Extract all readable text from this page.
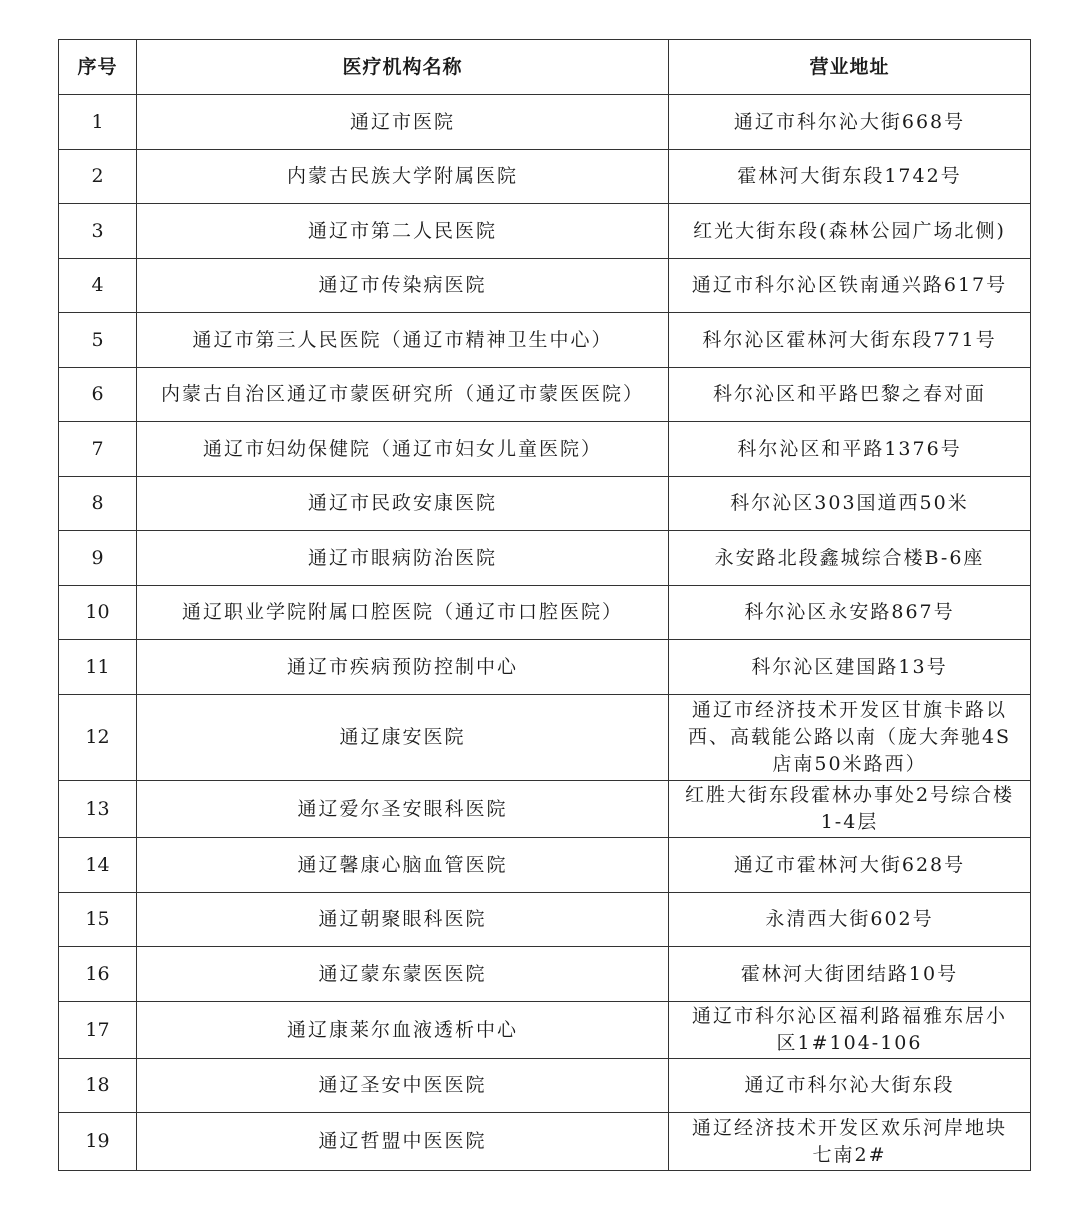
序号	医疗机构名称	营业地址
1	通辽市医院	通辽市科尔沁大街668号
2	内蒙古民族大学附属医院	霍林河大街东段1742号
3	通辽市第二人民医院	红光大街东段(森林公园广场北侧)
4	通辽市传染病医院	通辽市科尔沁区铁南通兴路617号
5	通辽市第三人民医院（通辽市精神卫生中心）	科尔沁区霍林河大街东段771号
6	内蒙古自治区通辽市蒙医研究所（通辽市蒙医医院）	科尔沁区和平路巴黎之春对面
7	通辽市妇幼保健院（通辽市妇女儿童医院）	科尔沁区和平路1376号
8	通辽市民政安康医院	科尔沁区303国道西50米
9	通辽市眼病防治医院	永安路北段鑫城综合楼B-6座
10	通辽职业学院附属口腔医院（通辽市口腔医院）	科尔沁区永安路867号
11	通辽市疾病预防控制中心	科尔沁区建国路13号
12	通辽康安医院	通辽市经济技术开发区甘旗卡路以西、高载能公路以南（庞大奔驰4S店南50米路西）
13	通辽爱尔圣安眼科医院	红胜大街东段霍林办事处2号综合楼1-4层
14	通辽馨康心脑血管医院	通辽市霍林河大街628号
15	通辽朝聚眼科医院	永清西大街602号
16	通辽蒙东蒙医医院	霍林河大街团结路10号
17	通辽康莱尔血液透析中心	通辽市科尔沁区福利路福雅东居小区1#104-106
18	通辽圣安中医医院	通辽市科尔沁大街东段
19	通辽哲盟中医医院	通辽经济技术开发区欢乐河岸地块七南2#
